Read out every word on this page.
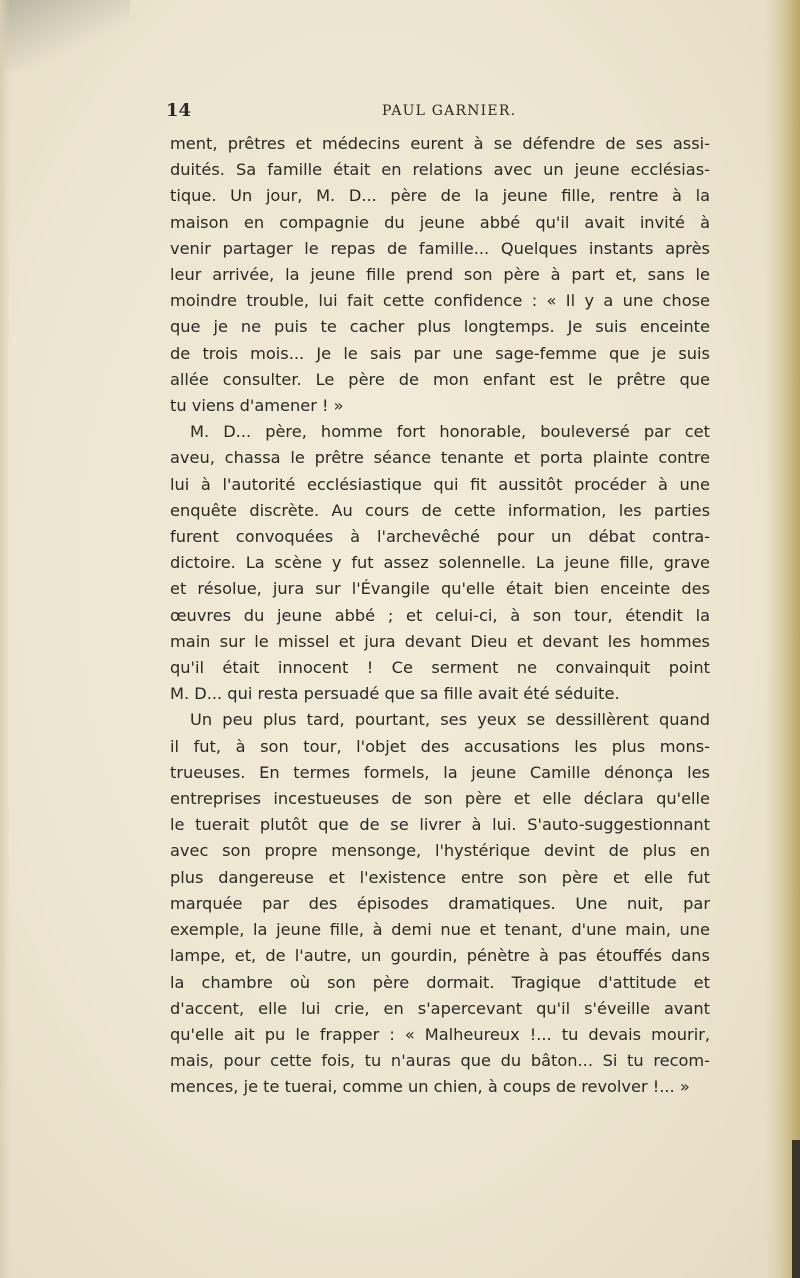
14	PAUL GARNIER.
ment, prêtres et médecins eurent à se défendre de ses assi-
duités. Sa famille était en relations avec un jeune ecclésias-
tique. Un jour, M. D... père de la jeune fille, rentre à la
maison en compagnie du jeune abbé qu'il avait invité à
venir partager le repas de famille... Quelques instants après
leur arrivée, la jeune fille prend son père à part et, sans le
moindre trouble, lui fait cette confidence : « Il y a une chose
que je ne puis te cacher plus longtemps. Je suis enceinte
de trois mois... Je le sais par une sage-femme que je suis
allée consulter. Le père de mon enfant est le prêtre que
tu viens d'amener ! »
M. D... père, homme fort honorable, bouleversé par cet
aveu, chassa le prêtre séance tenante et porta plainte contre
lui à l'autorité ecclésiastique qui fit aussitôt procéder à une
enquête discrète. Au cours de cette information, les parties
furent convoquées à l'archevêché pour un débat contra-
dictoire. La scène y fut assez solennelle. La jeune fille, grave
et résolue, jura sur l'Évangile qu'elle était bien enceinte des
œuvres du jeune abbé ; et celui-ci, à son tour, étendit la
main sur le missel et jura devant Dieu et devant les hommes
qu'il était innocent ! Ce serment ne convainquit point
M. D... qui resta persuadé que sa fille avait été séduite.
Un peu plus tard, pourtant, ses yeux se dessillèrent quand
il fut, à son tour, l'objet des accusations les plus mons-
trueuses. En termes formels, la jeune Camille dénonça les
entreprises incestueuses de son père et elle déclara qu'elle
le tuerait plutôt que de se livrer à lui. S'auto-suggestionnant
avec son propre mensonge, l'hystérique devint de plus en
plus dangereuse et l'existence entre son père et elle fut
marquée par des épisodes dramatiques. Une nuit, par
exemple, la jeune fille, à demi nue et tenant, d'une main, une
lampe, et, de l'autre, un gourdin, pénètre à pas étouffés dans
la chambre où son père dormait. Tragique d'attitude et
d'accent, elle lui crie, en s'apercevant qu'il s'éveille avant
qu'elle ait pu le frapper : « Malheureux !... tu devais mourir,
mais, pour cette fois, tu n'auras que du bâton... Si tu recom-
mences, je te tuerai, comme un chien, à coups de revolver !... »
